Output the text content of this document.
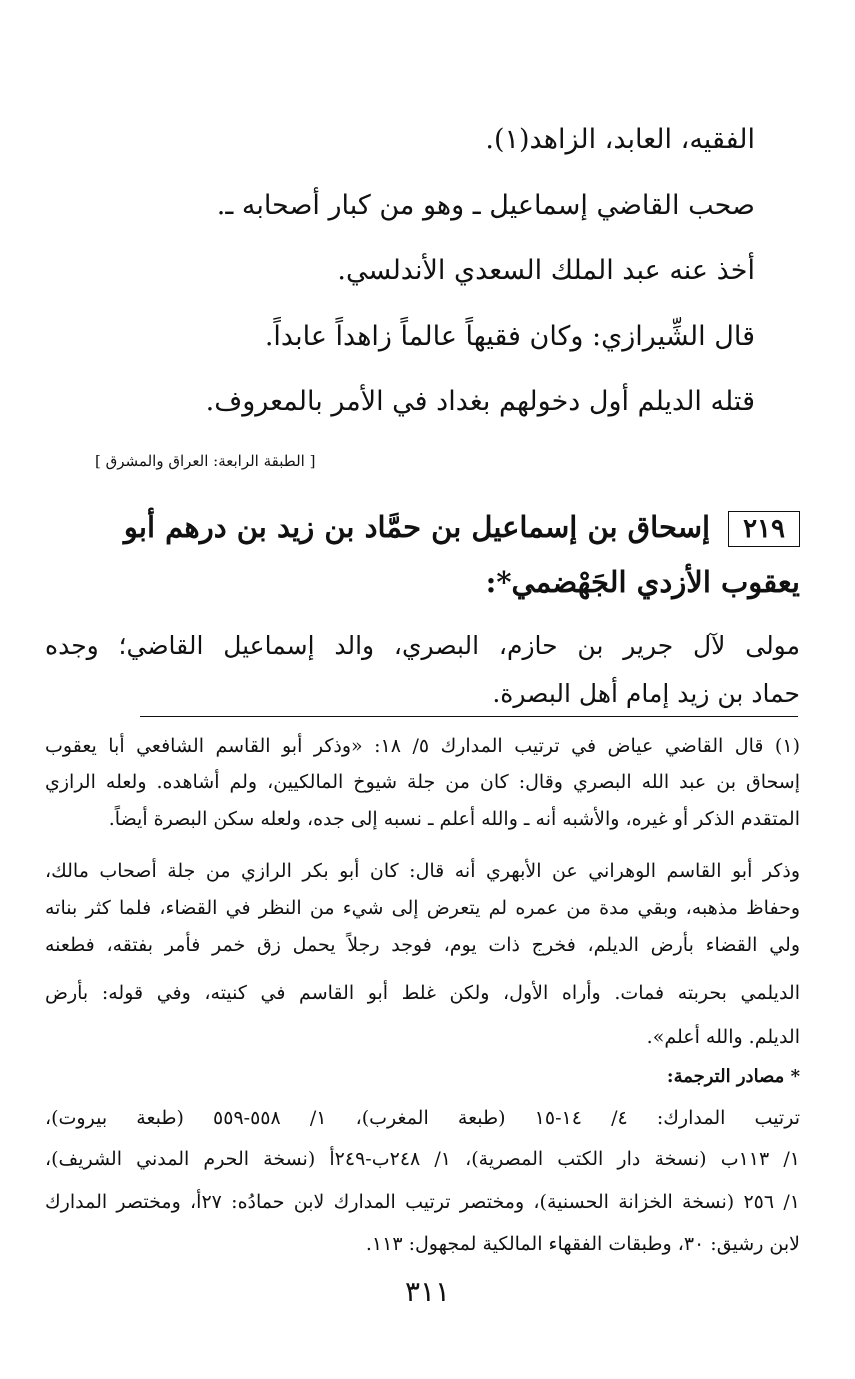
الفقيه، العابد، الزاهد(١).
صحب القاضي إسماعيل ـ وهو من كبار أصحابه ـ.
أخذ عنه عبد الملك السعدي الأندلسي.
قال الشِّيرازي: وكان فقيهاً عالماً زاهداً عابداً.
قتله الديلم أول دخولهم بغداد في الأمر بالمعروف.
[ الطبقة الرابعة: العراق والمشرق ]
٢١٩إسحاق بن إسماعيل بن حمَّاد بن زيد بن درهم أبو
يعقوب الأزدي الجَهْضمي*:
مولى لآل جرير بن حازم، البصري، والد إسماعيل القاضي؛ وجده
حماد بن زيد إمام أهل البصرة.
(١) قال القاضي عياض في ترتيب المدارك ٥/ ١٨: «وذكر أبو القاسم الشافعي أبا يعقوب
إسحاق بن عبد الله البصري وقال: كان من جلة شيوخ المالكيين، ولم أشاهده. ولعله الرازي
المتقدم الذكر أو غيره، والأشبه أنه ـ والله أعلم ـ نسبه إلى جده، ولعله سكن البصرة أيضاً.
وذكر أبو القاسم الوهراني عن الأبهري أنه قال: كان أبو بكر الرازي من جلة أصحاب مالك،
وحفاظ مذهبه، وبقي مدة من عمره لم يتعرض إلى شيء من النظر في القضاء، فلما كثر بناته
ولي القضاء بأرض الديلم، فخرج ذات يوم، فوجد رجلاً يحمل زق خمر فأمر بفتقه، فطعنه
الديلمي بحربته فمات. وأراه الأول، ولكن غلط أبو القاسم في كنيته، وفي قوله: بأرض
الديلم. والله أعلم».
* مصادر الترجمة:
ترتيب المدارك: ٤/ ١٤-١٥ (طبعة المغرب)، ١/ ٥٥٨-٥٥٩ (طبعة بيروت)،
١/ ١١٣ب (نسخة دار الكتب المصرية)، ١/ ٢٤٨ب-٢٤٩أ (نسخة الحرم المدني الشريف)،
١/ ٢٥٦ (نسخة الخزانة الحسنية)، ومختصر ترتيب المدارك لابن حمادُه: ٢٧أ، ومختصر المدارك
لابن رشيق: ٣٠، وطبقات الفقهاء المالكية لمجهول: ١١٣.
٣١١
